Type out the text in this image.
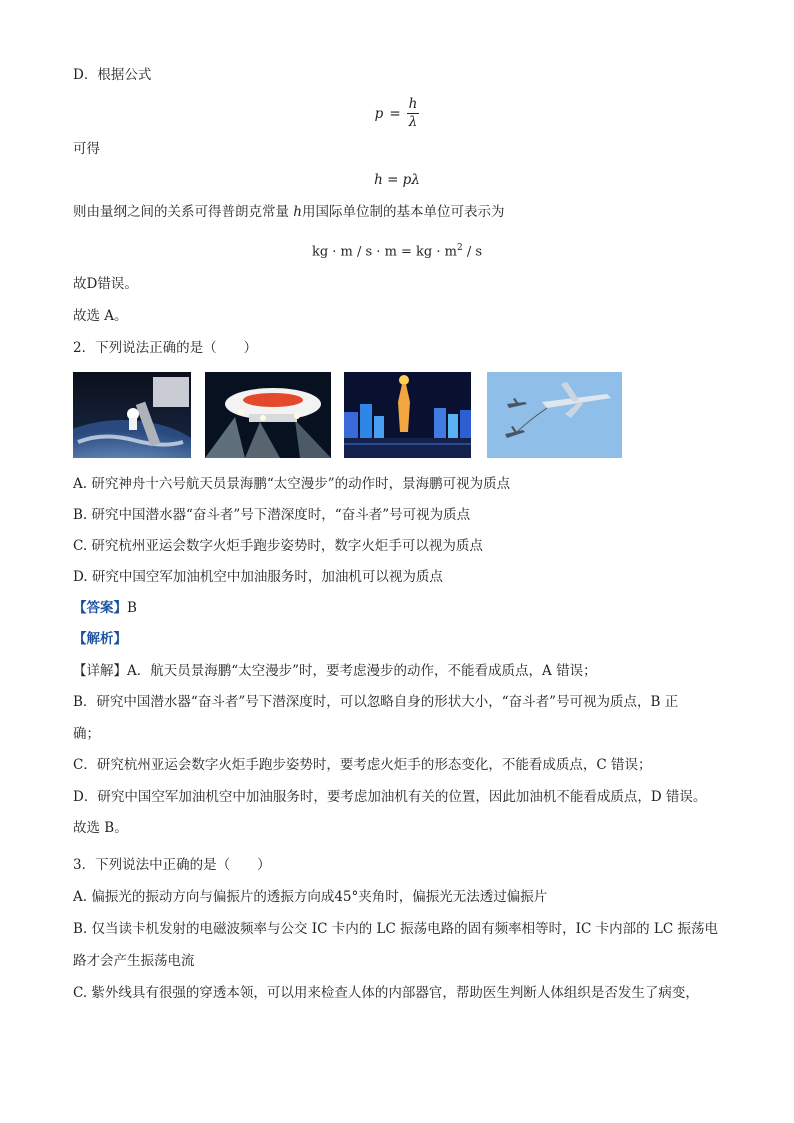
D．根据公式
$p = \frac{h}{\lambda}$
可得
h = pλ
则由量纲之间的关系可得普朗克常量 h用国际单位制的基本单位可表示为
kg · m / s · m = kg · $m^2$ / s
故D错误。
故选 A。
2．下列说法正确的是（　　）
A. 研究神舟十六号航天员景海鹏“太空漫步”的动作时，景海鹏可视为质点
B. 研究中国潜水器“奋斗者”号下潜深度时，“奋斗者”号可视为质点
C. 研究杭州亚运会数字火炬手跑步姿势时，数字火炬手可以视为质点
D. 研究中国空军加油机空中加油服务时，加油机可以视为质点
【答案】B
【解析】
【详解】A．航天员景海鹏“太空漫步”时，要考虑漫步的动作，不能看成质点，A 错误；
B．研究中国潜水器“奋斗者”号下潜深度时，可以忽略自身的形状大小，“奋斗者”号可视为质点，B 正
确；
C．研究杭州亚运会数字火炬手跑步姿势时，要考虑火炬手的形态变化，不能看成质点，C 错误；
D．研究中国空军加油机空中加油服务时，要考虑加油机有关的位置，因此加油机不能看成质点，D 错误。
故选 B。
3．下列说法中正确的是（　　）
A. 偏振光的振动方向与偏振片的透振方向成45°夹角时，偏振光无法透过偏振片
B. 仅当读卡机发射的电磁波频率与公交 IC 卡内的 LC 振荡电路的固有频率相等时，IC 卡内部的 LC 振荡电
路才会产生振荡电流
C. 紫外线具有很强的穿透本领，可以用来检查人体的内部器官，帮助医生判断人体组织是否发生了病变，
